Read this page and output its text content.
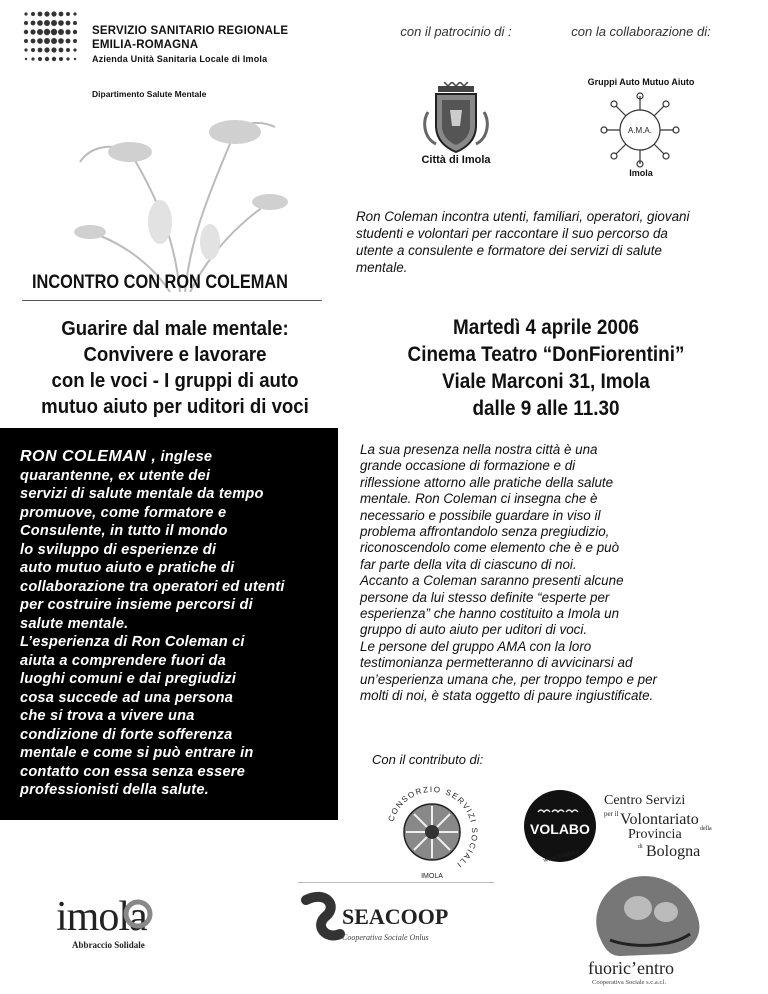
SERVIZIO SANITARIO REGIONALE
EMILIA-ROMAGNA
Azienda Unità Sanitaria Locale di Imola
Dipartimento Salute Mentale
con il patrocinio di :	con la collaborazione di:
Gruppi Auto Mutuo Aiuto
Città di Imola
A.M.A.
Imola
Ron Coleman incontra utenti, familiari, operatori, giovani studenti e volontari per raccontare il suo percorso da utente a consulente e formatore dei servizi di salute mentale.
INCONTRO CON RON COLEMAN
Guarire dal male mentale:
Convivere e lavorare
con le voci - I gruppi di auto
mutuo aiuto per uditori di voci
Martedì 4 aprile 2006
Cinema Teatro “DonFiorentini”
Viale Marconi 31, Imola
dalle 9 alle 11.30
RON COLEMAN , inglese
quarantenne, ex utente dei
servizi di salute mentale da tempo
promuove, come formatore e
Consulente, in tutto il mondo
lo sviluppo di esperienze di
auto mutuo aiuto e pratiche di
collaborazione tra operatori ed utenti
per costruire insieme percorsi di
salute mentale.
L’esperienza di Ron Coleman ci
aiuta a comprendere fuori da
luoghi comuni e dai pregiudizi
cosa succede ad una persona
che si trova a vivere una
condizione di forte sofferenza
mentale e come si può entrare in
contatto con essa senza essere
professionisti della salute.
La sua presenza nella nostra città è una
grande occasione di formazione e di
riflessione attorno alle pratiche della salute
mentale. Ron Coleman ci insegna che è
necessario e possibile guardare in viso il
problema affrontandolo senza pregiudizio,
riconoscendolo come elemento che è e può
far parte della vita di ciascuno di noi.
Accanto a Coleman saranno presenti alcune
persone da lui stesso definite “esperte per
esperienza” che hanno costituito a Imola un
gruppo di auto aiuto per uditori di voci.
Le persone del gruppo AMA con la loro
testimonianza permetteranno di avvicinarsi ad
un’esperienza umana che, per troppo tempo e per
molti di noi, è stata oggetto di paure ingiustificate.
Con il contributo di:
CONSORZIO SERVIZI SOCIALI
IMOLA
VOLABO
www.volabo.it
Centro Servizi
per il Volontariato
della
Provincia
di Bologna
imola
Abbraccio Solidale
SEACOOP
Cooperativa Sociale Onlus
fuoric’entro
Cooperativa Sociale s.c.a.r.l.
